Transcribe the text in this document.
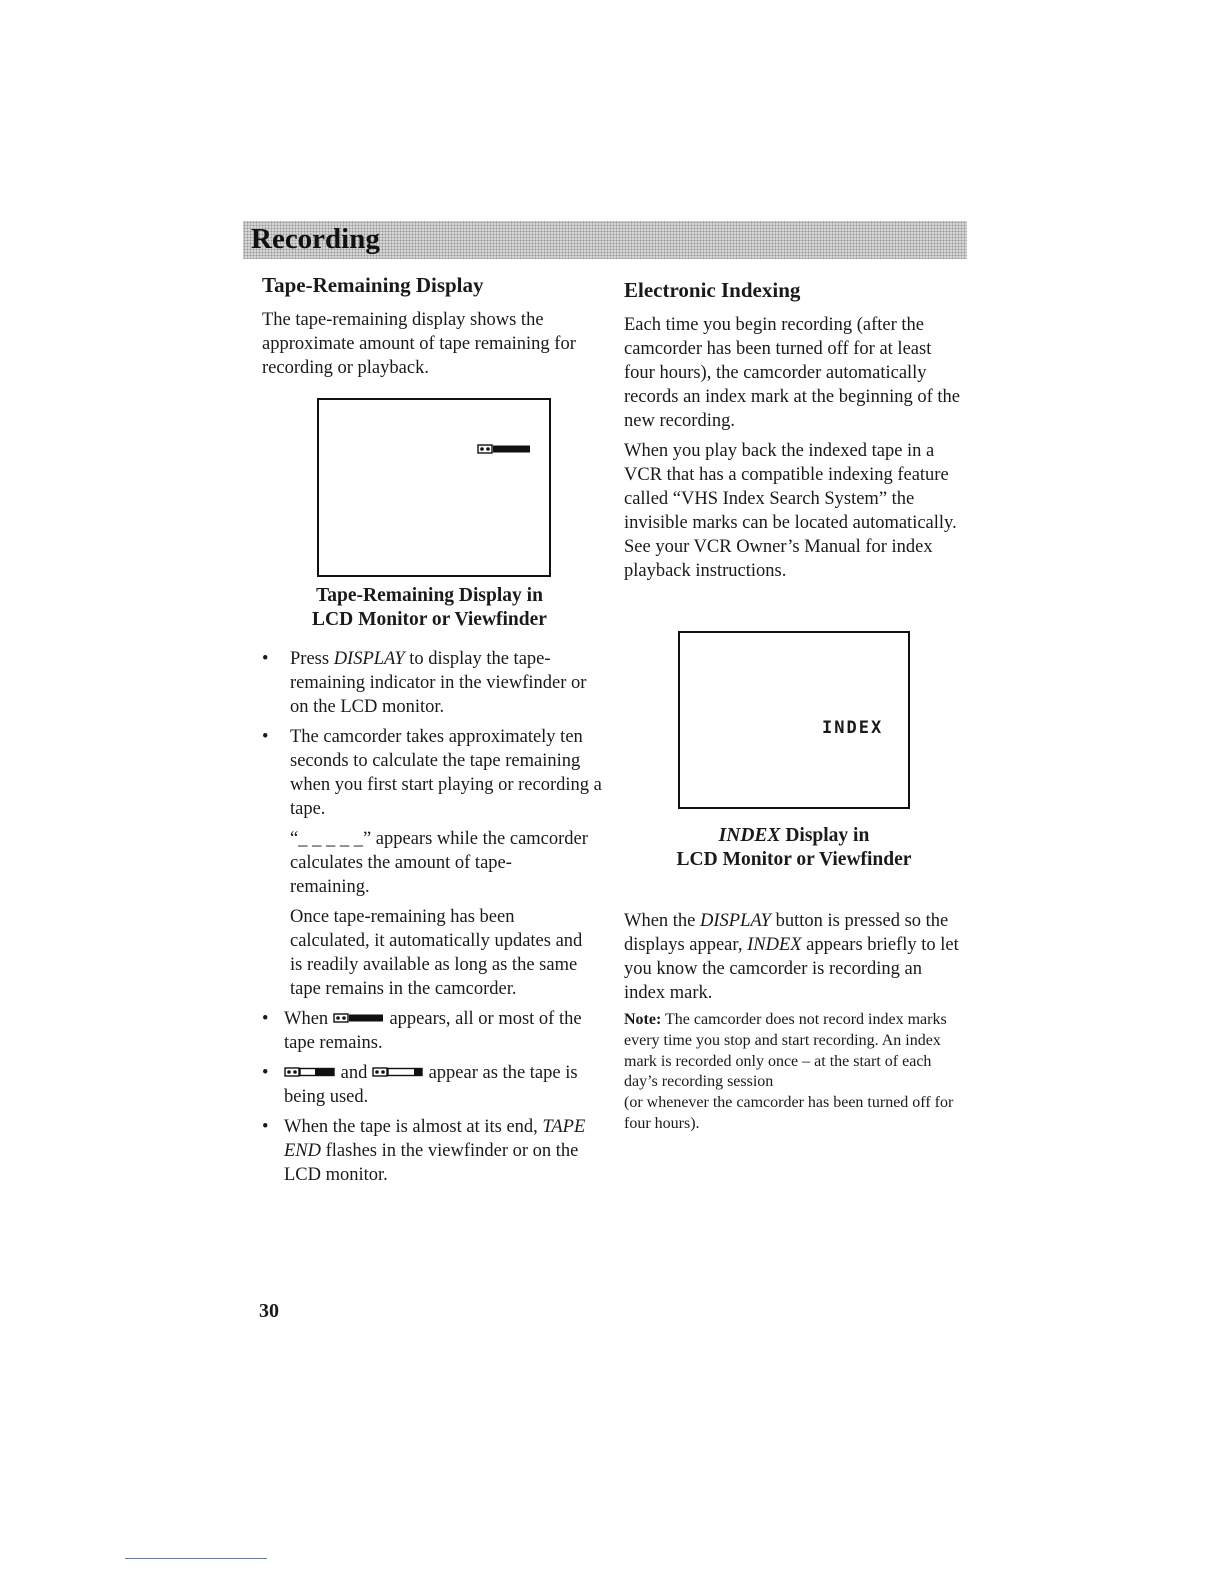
Recording
Tape-Remaining Display

The tape-remaining display shows the approximate amount of tape remaining for recording or playback.

Tape-Remaining Display in
LCD Monitor or Viewfinder
• Press DISPLAY to display the tape-remaining indicator in the viewfinder or on the LCD monitor.
• The camcorder takes approximately ten seconds to calculate the tape remaining when you first start playing or recording a tape.

“_ _ _ _ _” appears while the camcorder calculates the amount of tape-remaining.

Once tape-remaining has been calculated, it automatically updates and is readily available as long as the same tape remains in the camcorder.

• When	appears, all or most of the tape remains.
•	and	appear as the tape is being used.
• When the tape is almost at its end, TAPE END flashes in the viewfinder or on the LCD monitor.
Electronic Indexing

Each time you begin recording (after the camcorder has been turned off for at least four hours), the camcorder automatically records an index mark at the beginning of the new recording.

When you play back the indexed tape in a VCR that has a compatible indexing feature called “VHS Index Search System” the invisible marks can be located automatically. See your VCR Owner’s Manual for index playback instructions.

INDEX
INDEX Display in
LCD Monitor or Viewfinder

When the DISPLAY button is pressed so the displays appear, INDEX appears briefly to let you know the camcorder is recording an index mark.

Note: The camcorder does not record index marks every time you stop and start recording. An index mark is recorded only once – at the start of each day’s recording session

(or whenever the camcorder has been turned off for four hours).

30
